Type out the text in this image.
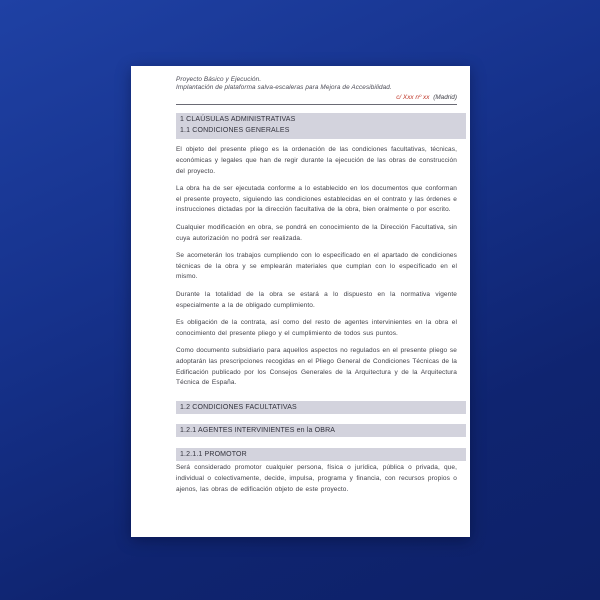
Proyecto Básico y Ejecución.
Implantación de plataforma salva-escaleras para Mejora de Accesibilidad.
c/ Xxx nº xx (Madrid)
1 CLAÚSULAS ADMINISTRATIVAS
1.1 CONDICIONES GENERALES

El objeto del presente pliego es la ordenación de las condiciones facultativas, técnicas, económicas y legales que han de regir durante la ejecución de las obras de construcción del proyecto.

La obra ha de ser ejecutada conforme a lo establecido en los documentos que conforman el presente proyecto, siguiendo las condiciones establecidas en el contrato y las órdenes e instrucciones dictadas por la dirección facultativa de la obra, bien oralmente o por escrito.

Cualquier modificación en obra, se pondrá en conocimiento de la Dirección Facultativa, sin cuya autorización no podrá ser realizada.

Se acometerán los trabajos cumpliendo con lo especificado en el apartado de condiciones técnicas de la obra y se emplearán materiales que cumplan con lo especificado en el mismo.

Durante la totalidad de la obra se estará a lo dispuesto en la normativa vigente especialmente a la de obligado cumplimiento.

Es obligación de la contrata, así como del resto de agentes intervinientes en la obra el conocimiento del presente pliego y el cumplimiento de todos sus puntos.

Como documento subsidiario para aquellos aspectos no regulados en el presente pliego se adoptarán las prescripciones recogidas en el Pliego General de Condiciones Técnicas de la Edificación publicado por los Consejos Generales de la Arquitectura y de la Arquitectura Técnica de España.

1.2 CONDICIONES FACULTATIVAS
1.2.1 AGENTES INTERVINIENTES en la OBRA
1.2.1.1 PROMOTOR

Será considerado promotor cualquier persona, física o jurídica, pública o privada, que, individual o colectivamente, decide, impulsa, programa y financia, con recursos propios o ajenos, las obras de edificación objeto de este proyecto.
